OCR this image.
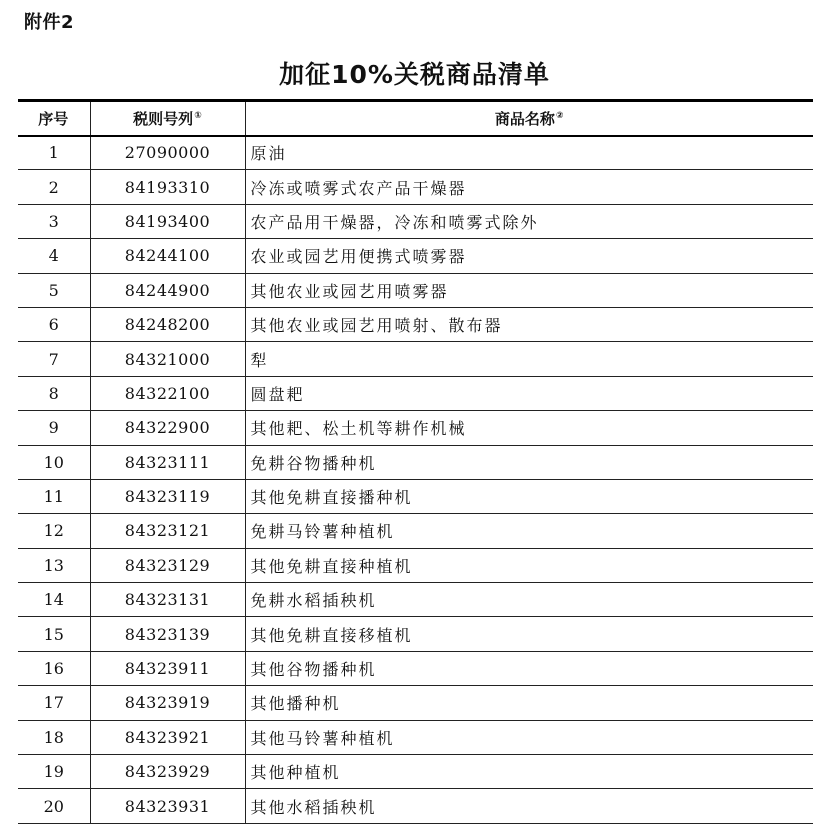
附件2
加征10%关税商品清单
序号	税则号列①	商品名称②
1	27090000	原油
2	84193310	冷冻或喷雾式农产品干燥器
3	84193400	农产品用干燥器，冷冻和喷雾式除外
4	84244100	农业或园艺用便携式喷雾器
5	84244900	其他农业或园艺用喷雾器
6	84248200	其他农业或园艺用喷射、散布器
7	84321000	犁
8	84322100	圆盘耙
9	84322900	其他耙、松土机等耕作机械
10	84323111	免耕谷物播种机
11	84323119	其他免耕直接播种机
12	84323121	免耕马铃薯种植机
13	84323129	其他免耕直接种植机
14	84323131	免耕水稻插秧机
15	84323139	其他免耕直接移植机
16	84323911	其他谷物播种机
17	84323919	其他播种机
18	84323921	其他马铃薯种植机
19	84323929	其他种植机
20	84323931	其他水稻插秧机
